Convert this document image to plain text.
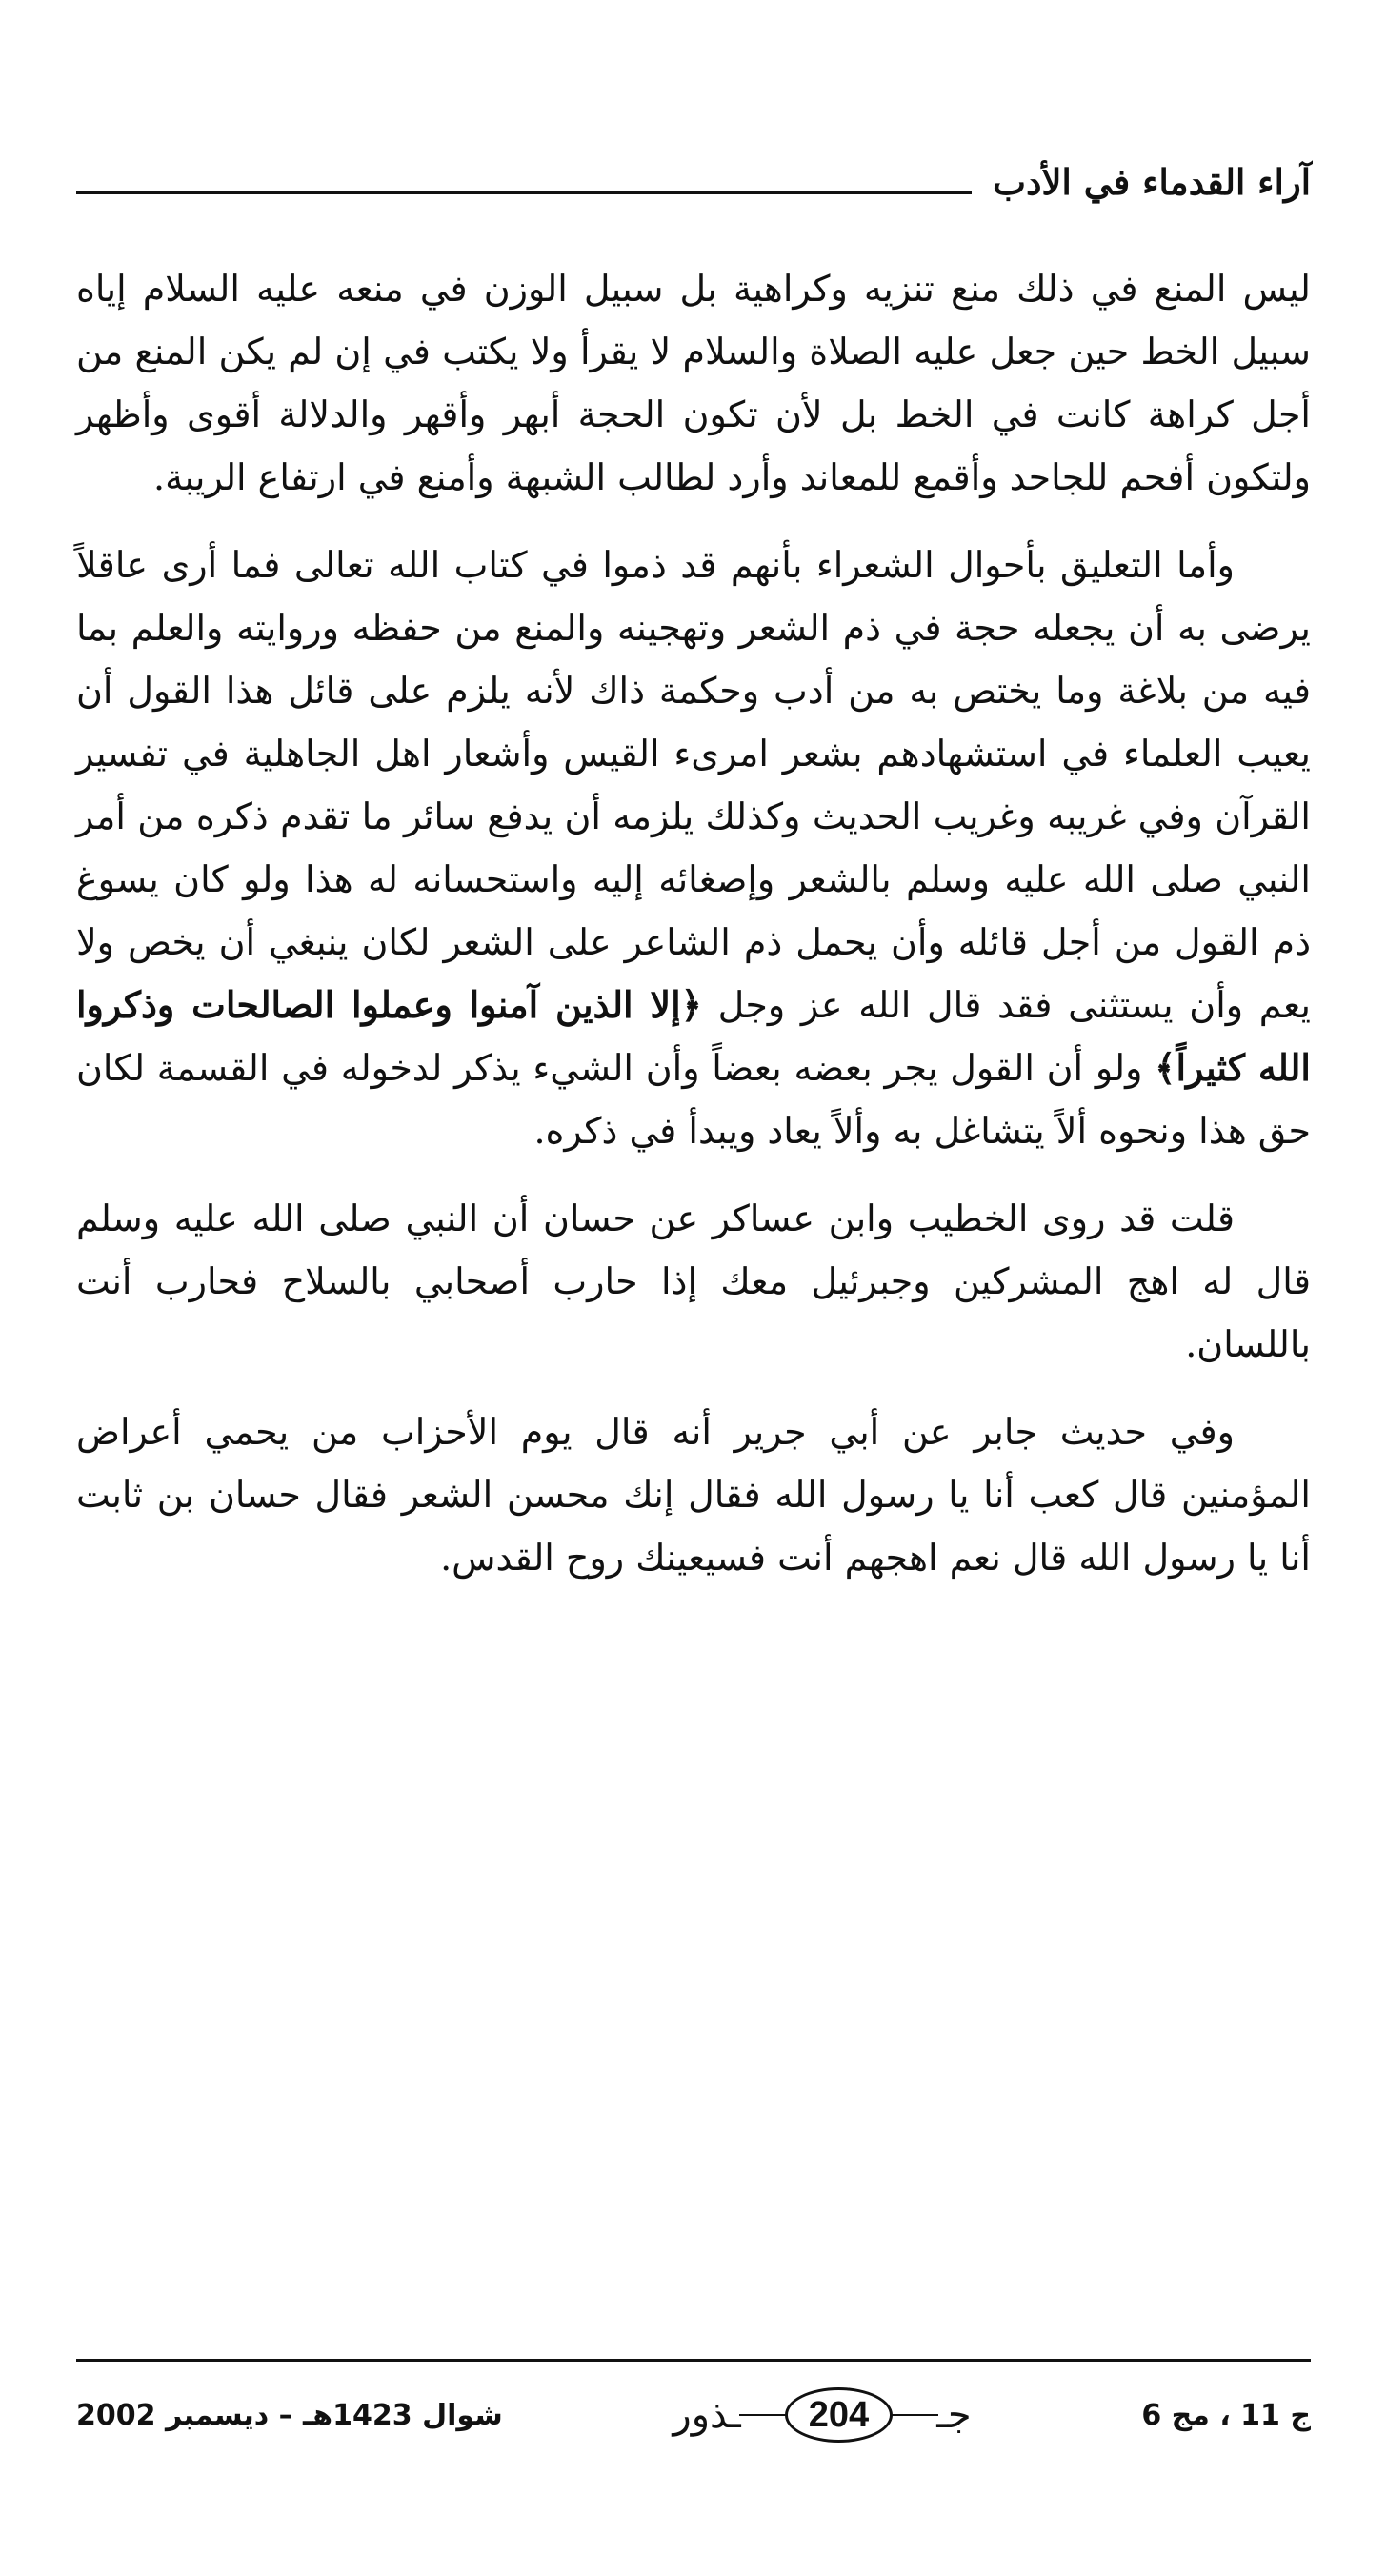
آراء القدماء في الأدب

ليس المنع في ذلك منع تنزيه وكراهية بل سبيل الوزن في منعه عليه السلام إياه سبيل الخط حين جعل عليه الصلاة والسلام لا يقرأ ولا يكتب في إن لم يكن المنع من أجل كراهة كانت في الخط بل لأن تكون الحجة أبهر وأقهر والدلالة أقوى وأظهر ولتكون أفحم للجاحد وأقمع للمعاند وأرد لطالب الشبهة وأمنع في ارتفاع الريبة.

وأما التعليق بأحوال الشعراء بأنهم قد ذموا في كتاب الله تعالى فما أرى عاقلاً يرضى به أن يجعله حجة في ذم الشعر وتهجينه والمنع من حفظه وروايته والعلم بما فيه من بلاغة وما يختص به من أدب وحكمة ذاك لأنه يلزم على قائل هذا القول أن يعيب العلماء في استشهادهم بشعر امرىء القيس وأشعار اهل الجاهلية في تفسير القرآن وفي غريبه وغريب الحديث وكذلك يلزمه أن يدفع سائر ما تقدم ذكره من أمر النبي صلى الله عليه وسلم بالشعر وإصغائه إليه واستحسانه له هذا ولو كان يسوغ ذم القول من أجل قائله وأن يحمل ذم الشاعر على الشعر لكان ينبغي أن يخص ولا يعم وأن يستثنى فقد قال الله عز وجل ﴿إلا الذين آمنوا وعملوا الصالحات وذكروا الله كثيراً﴾ ولو أن القول يجر بعضه بعضاً وأن الشيء يذكر لدخوله في القسمة لكان حق هذا ونحوه ألاً يتشاغل به وألاً يعاد ويبدأ في ذكره.

قلت قد روى الخطيب وابن عساكر عن حسان أن النبي صلى الله عليه وسلم قال له اهج المشركين وجبرئيل معك إذا حارب أصحابي بالسلاح فحارب أنت باللسان.

وفي حديث جابر عن أبي جرير أنه قال يوم الأحزاب من يحمي أعراض المؤمنين قال كعب أنا يا رسول الله فقال إنك محسن الشعر فقال حسان بن ثابت أنا يا رسول الله قال نعم اهجهم أنت فسيعينك روح القدس.

ج 11 ، مج 6
جـ
204
ـذور
شوال 1423هـ – ديسمبر 2002
